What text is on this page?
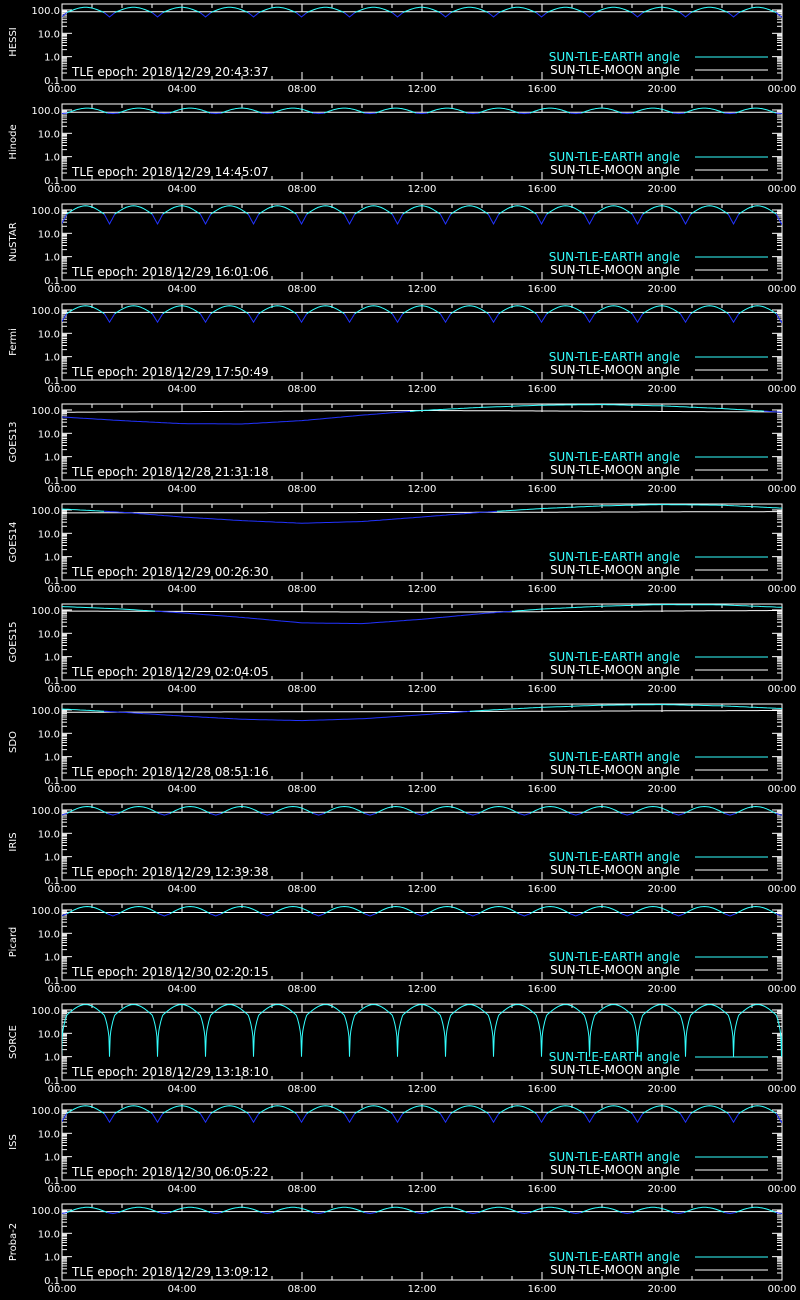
0.1
1.0
10.0
100.0
00:00	04:00	08:00	12:00	16:00	20:00	00:00
HESSI
TLE epoch: 2018/12/29 20:43:37
SUN-TLE-EARTH angle
SUN-TLE-MOON angle
0.1
1.0
10.0
100.0
00:00	04:00	08:00	12:00	16:00	20:00	00:00
Hinode
TLE epoch: 2018/12/29 14:45:07
SUN-TLE-EARTH angle
SUN-TLE-MOON angle
0.1
1.0
10.0
100.0
00:00	04:00	08:00	12:00	16:00	20:00	00:00
NuSTAR
TLE epoch: 2018/12/29 16:01:06
SUN-TLE-EARTH angle
SUN-TLE-MOON angle
0.1
1.0
10.0
100.0
00:00	04:00	08:00	12:00	16:00	20:00	00:00
Fermi
TLE epoch: 2018/12/29 17:50:49
SUN-TLE-EARTH angle
SUN-TLE-MOON angle
0.1
1.0
10.0
100.0
00:00	04:00	08:00	12:00	16:00	20:00	00:00
GOES13
TLE epoch: 2018/12/28 21:31:18
SUN-TLE-EARTH angle
SUN-TLE-MOON angle
0.1
1.0
10.0
100.0
00:00	04:00	08:00	12:00	16:00	20:00	00:00
GOES14
TLE epoch: 2018/12/29 00:26:30
SUN-TLE-EARTH angle
SUN-TLE-MOON angle
0.1
1.0
10.0
100.0
00:00	04:00	08:00	12:00	16:00	20:00	00:00
GOES15
TLE epoch: 2018/12/29 02:04:05
SUN-TLE-EARTH angle
SUN-TLE-MOON angle
0.1
1.0
10.0
100.0
00:00	04:00	08:00	12:00	16:00	20:00	00:00
SDO
TLE epoch: 2018/12/28 08:51:16
SUN-TLE-EARTH angle
SUN-TLE-MOON angle
0.1
1.0
10.0
100.0
00:00	04:00	08:00	12:00	16:00	20:00	00:00
IRIS
TLE epoch: 2018/12/29 12:39:38
SUN-TLE-EARTH angle
SUN-TLE-MOON angle
0.1
1.0
10.0
100.0
00:00	04:00	08:00	12:00	16:00	20:00	00:00
Picard
TLE epoch: 2018/12/30 02:20:15
SUN-TLE-EARTH angle
SUN-TLE-MOON angle
0.1
1.0
10.0
100.0
00:00	04:00	08:00	12:00	16:00	20:00	00:00
SORCE
TLE epoch: 2018/12/29 13:18:10
SUN-TLE-EARTH angle
SUN-TLE-MOON angle
0.1
1.0
10.0
100.0
00:00	04:00	08:00	12:00	16:00	20:00	00:00
ISS
TLE epoch: 2018/12/30 06:05:22
SUN-TLE-EARTH angle
SUN-TLE-MOON angle
0.1
1.0
10.0
100.0
00:00	04:00	08:00	12:00	16:00	20:00	00:00
Proba-2
TLE epoch: 2018/12/29 13:09:12
SUN-TLE-EARTH angle
SUN-TLE-MOON angle
